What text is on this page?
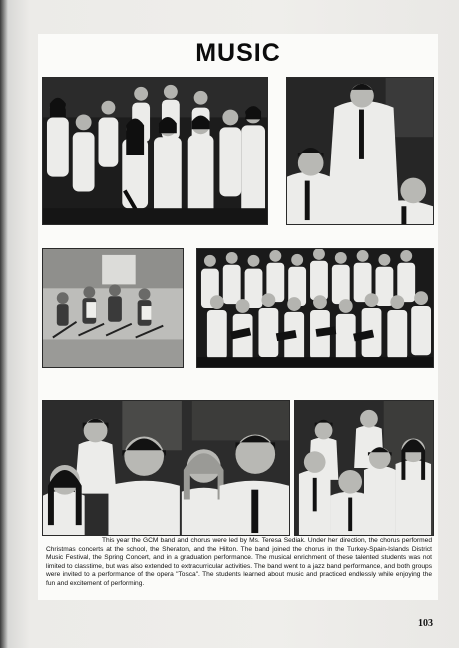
MUSIC

This year the GCM band and chorus were led by Ms. Teresa Sediak. Under her direction, the chorus performed Christmas concerts at the school, the Sheraton, and the Hilton. The band joined the chorus in the Turkey-Spain-Islands District Music Festival, the Spring Concert, and in a graduation performance. The musical enrichment of these talented students was not limited to classtime, but was also extended to extracurricular activities. The band went to a jazz band performance, and both groups were invited to a performance of the opera "Tosca". The students learned about music and practiced endlessly while enjoying the fun and excitement of performing.

103
